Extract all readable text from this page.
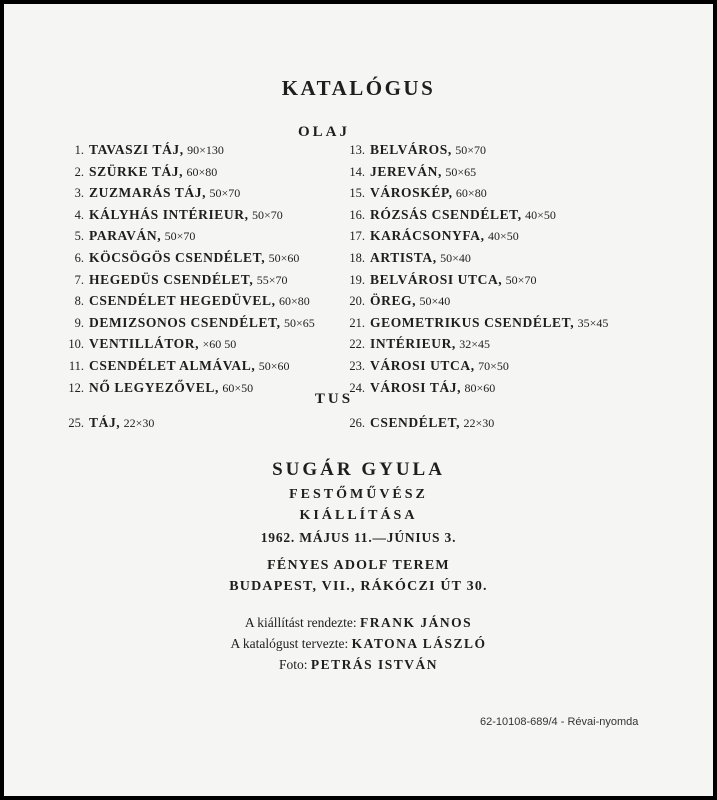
KATALÓGUS
OLAJ
1. TAVASZI TÁJ, 90×130
2. SZÜRKE TÁJ, 60×80
3. ZUZMARÁS TÁJ, 50×70
4. KÁLYHÁS INTÉRIEUR, 50×70
5. PARAVÁN, 50×70
6. KÖCSÖGÖS CSENDÉLET, 50×60
7. HEGEDÜS CSENDÉLET, 55×70
8. CSENDÉLET HEGEDÜVEL, 60×80
9. DEMIZSONOS CSENDÉLET, 50×65
10. VENTILLÁTOR, ×60 50
11. CSENDÉLET ALMÁVAL, 50×60
12. NŐ LEGYEZŐVEL, 60×50
13. BELVÁROS, 50×70
14. JEREVÁN, 50×65
15. VÁROSKÉP, 60×80
16. RÓZSÁS CSENDÉLET, 40×50
17. KARÁCSONYFA, 40×50
18. ARTISTA, 50×40
19. BELVÁROSI UTCA, 50×70
20. ÖREG, 50×40
21. GEOMETRIKUS CSENDÉLET, 35×45
22. INTÉRIEUR, 32×45
23. VÁROSI UTCA, 70×50
24. VÁROSI TÁJ, 80×60
TUS
25. TÁJ, 22×30	26. CSENDÉLET, 22×30
SUGÁR GYULA
FESTŐMŰVÉSZ
KIÁLLÍTÁSA
1962. MÁJUS 11.—JÚNIUS 3.
FÉNYES ADOLF TEREM
BUDAPEST, VII., RÁKÓCZI ÚT 30.
A kiállítást rendezte: FRANK JÁNOS
A katalógust tervezte: KATONA LÁSZLÓ
Foto: PETRÁS ISTVÁN
62-10108-689/4 - Révai-nyomda
